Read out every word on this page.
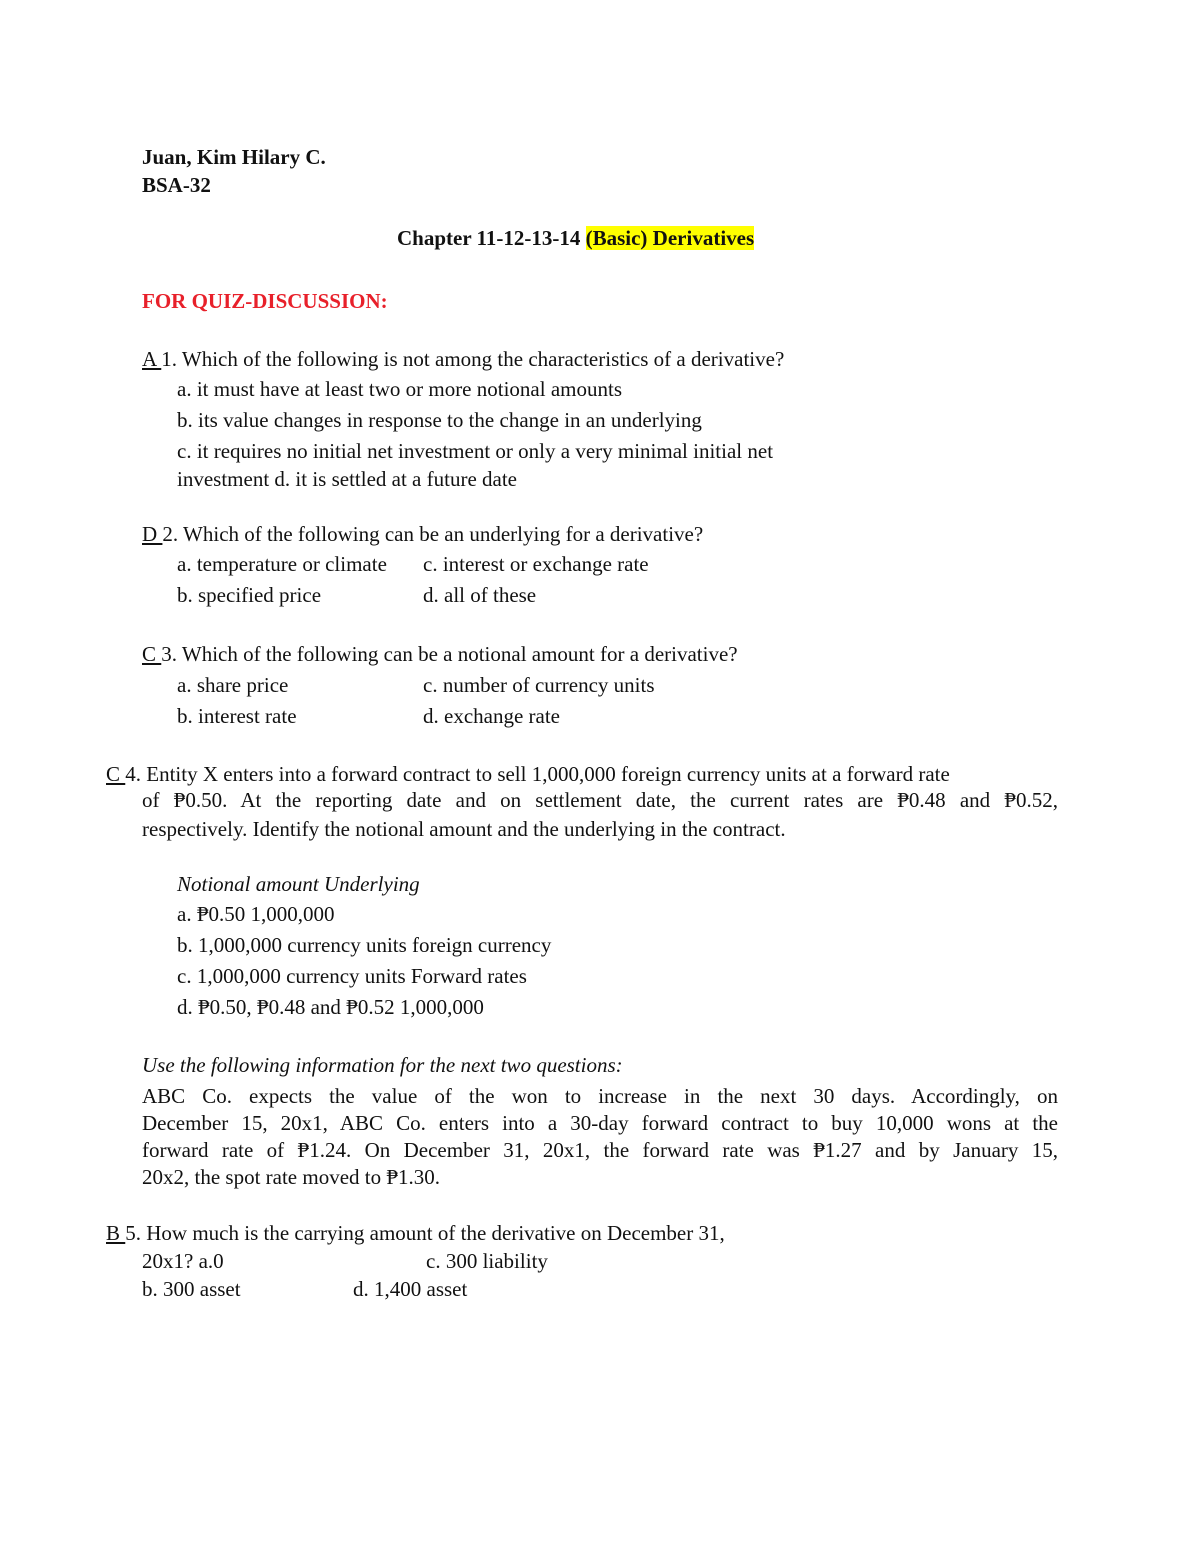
Juan, Kim Hilary C.
BSA-32
Chapter 11-12-13-14 (Basic) Derivatives
FOR QUIZ-DISCUSSION:
A 1. Which of the following is not among the characteristics of a derivative?
a. it must have at least two or more notional amounts
b. its value changes in response to the change in an underlying
c. it requires no initial net investment or only a very minimal initial net
investment d. it is settled at a future date
D 2. Which of the following can be an underlying for a derivative?
a. temperature or climate c. interest or exchange rate
b. specified price	d. all of these
C 3. Which of the following can be a notional amount for a derivative?
a. share price	c. number of currency units
b. interest rate	d. exchange rate
C 4. Entity X enters into a forward contract to sell 1,000,000 foreign currency units at a forward rate
of ₱0.50. At the reporting date and on settlement date, the current rates are ₱0.48 and ₱0.52,
respectively. Identify the notional amount and the underlying in the contract.
Notional amount Underlying
a. ₱0.50 1,000,000
b. 1,000,000 currency units foreign currency
c. 1,000,000 currency units Forward rates
d. ₱0.50, ₱0.48 and ₱0.52 1,000,000
Use the following information for the next two questions:
ABC Co. expects the value of the won to increase in the next 30 days. Accordingly, on
December 15, 20x1, ABC Co. enters into a 30-day forward contract to buy 10,000 wons at the
forward rate of ₱1.24. On December 31, 20x1, the forward rate was ₱1.27 and by January 15,
20x2, the spot rate moved to ₱1.30.
B 5. How much is the carrying amount of the derivative on December 31,
20x1? a.0	c. 300 liability
b. 300 asset	d. 1,400 asset
